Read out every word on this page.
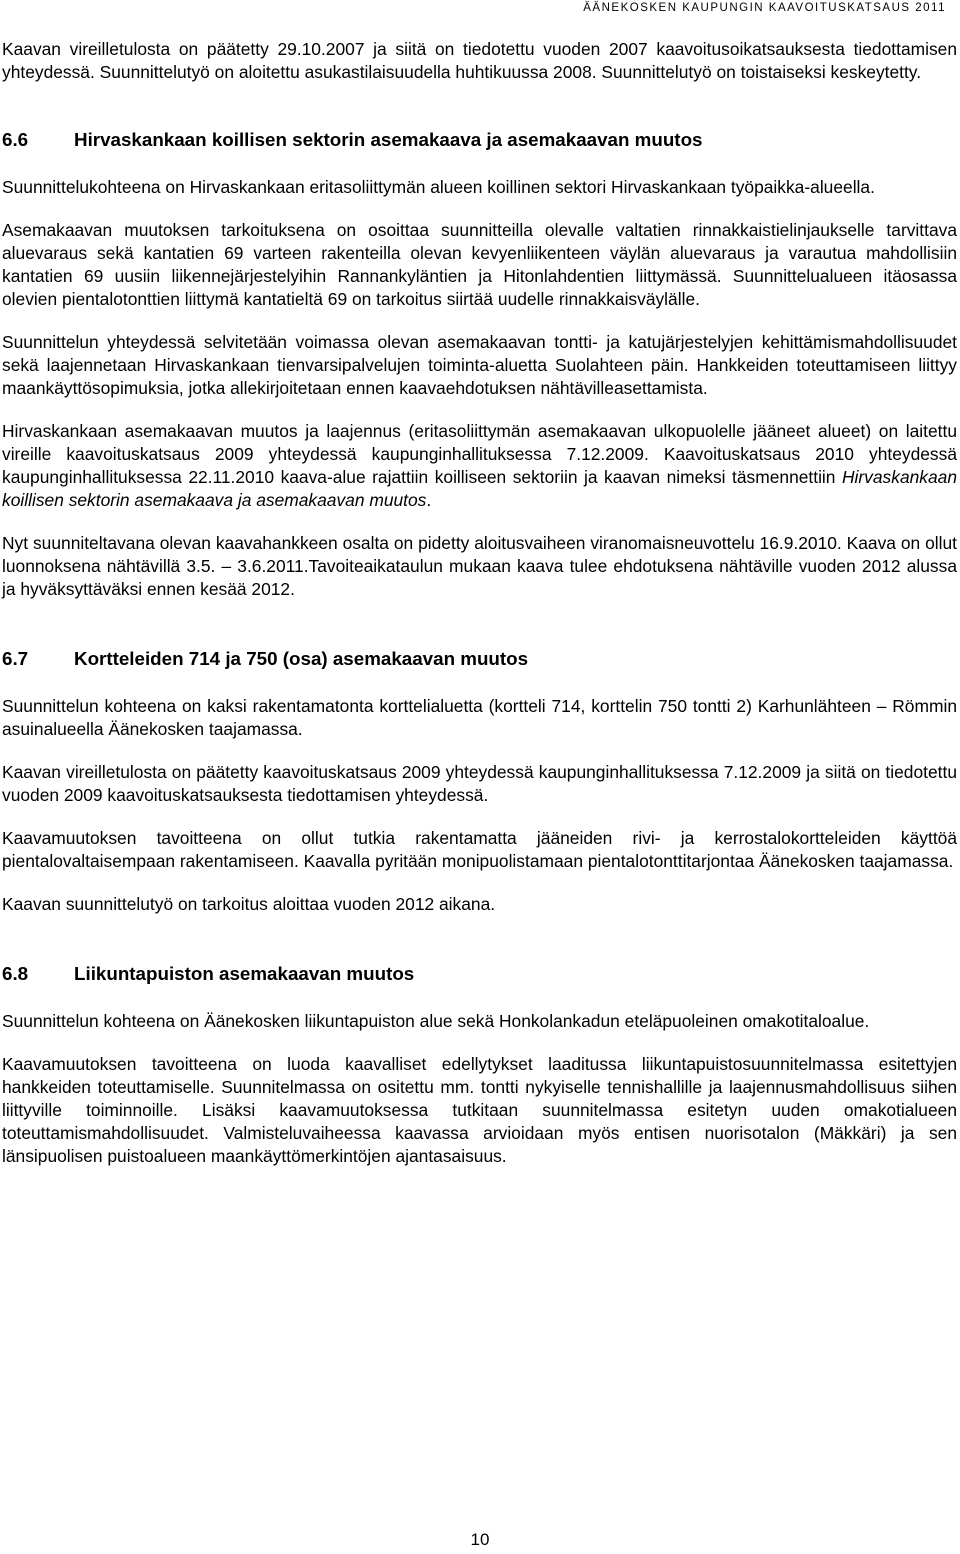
ÄÄNEKOSKEN KAUPUNGIN KAAVOITUSKATSAUS 2011

Kaavan vireilletulosta on päätetty 29.10.2007 ja siitä on tiedotettu vuoden 2007 kaavoitusoikatsauksesta tiedottamisen yhteydessä. Suunnittelutyö on aloitettu asukastilaisuudella huhtikuussa 2008. Suunnittelutyö on toistaiseksi keskeytetty.

6.6	Hirvaskankaan koillisen sektorin asemakaava ja asemakaavan muutos

Suunnittelukohteena on Hirvaskankaan eritasoliittymän alueen koillinen sektori Hirvaskankaan työpaikka-alueella.

Asemakaavan muutoksen tarkoituksena on osoittaa suunnitteilla olevalle valtatien rinnakkaistielinjaukselle tarvittava aluevaraus sekä kantatien 69 varteen rakenteilla olevan kevyenliikenteen väylän aluevaraus ja varautua mahdollisiin kantatien 69 uusiin liikennejärjestelyihin Rannankyläntien ja Hitonlahdentien liittymässä. Suunnittelualueen itäosassa olevien pientalotonttien liittymä kantatieltä 69 on tarkoitus siirtää uudelle rinnakkaisväylälle.

Suunnittelun yhteydessä selvitetään voimassa olevan asemakaavan tontti- ja katujärjestelyjen kehittämismahdollisuudet sekä laajennetaan Hirvaskankaan tienvarsipalvelujen toiminta-aluetta Suolahteen päin. Hankkeiden toteuttamiseen liittyy maankäyttösopimuksia, jotka allekirjoitetaan ennen kaavaehdotuksen nähtävilleasettamista.

Hirvaskankaan asemakaavan muutos ja laajennus (eritasoliittymän asemakaavan ulkopuolelle jääneet alueet) on laitettu vireille kaavoituskatsaus 2009 yhteydessä kaupunginhallituksessa 7.12.2009. Kaavoituskatsaus 2010 yhteydessä kaupunginhallituksessa 22.11.2010 kaava-alue rajattiin koilliseen sektoriin ja kaavan nimeksi täsmennettiin Hirvaskankaan koillisen sektorin asemakaava ja asemakaavan muutos.

Nyt suunniteltavana olevan kaavahankkeen osalta on pidetty aloitusvaiheen viranomaisneuvottelu 16.9.2010. Kaava on ollut luonnoksena nähtävillä 3.5. – 3.6.2011.Tavoiteaikataulun mukaan kaava tulee ehdotuksena nähtäville vuoden 2012 alussa ja hyväksyttäväksi ennen kesää 2012.

6.7	Kortteleiden 714 ja 750 (osa) asemakaavan muutos

Suunnittelun kohteena on kaksi rakentamatonta korttelialuetta (kortteli 714, korttelin 750 tontti 2) Karhunlähteen – Römmin asuinalueella Äänekosken taajamassa.

Kaavan vireilletulosta on päätetty kaavoituskatsaus 2009 yhteydessä kaupunginhallituksessa 7.12.2009 ja siitä on tiedotettu vuoden 2009 kaavoituskatsauksesta tiedottamisen yhteydessä.

Kaavamuutoksen tavoitteena on ollut tutkia rakentamatta jääneiden rivi- ja kerrostalokortteleiden käyttöä pientalovaltaisempaan rakentamiseen. Kaavalla pyritään monipuolistamaan pientalotonttitarjontaa Äänekosken taajamassa.

Kaavan suunnittelutyö on tarkoitus aloittaa vuoden 2012 aikana.

6.8	Liikuntapuiston asemakaavan muutos

Suunnittelun kohteena on Äänekosken liikuntapuiston alue sekä Honkolankadun eteläpuoleinen omakotitaloalue.

Kaavamuutoksen tavoitteena on luoda kaavalliset edellytykset laaditussa liikuntapuistosuunnitelmassa esitettyjen hankkeiden toteuttamiselle. Suunnitelmassa on ositettu mm. tontti nykyiselle tennishallille ja laajennusmahdollisuus siihen liittyville toiminnoille. Lisäksi kaavamuutoksessa tutkitaan suunnitelmassa esitetyn uuden omakotialueen toteuttamismahdollisuudet. Valmisteluvaiheessa kaavassa arvioidaan myös entisen nuorisotalon (Mäkkäri) ja sen länsipuolisen puistoalueen maankäyttömerkintöjen ajantasaisuus.

10
